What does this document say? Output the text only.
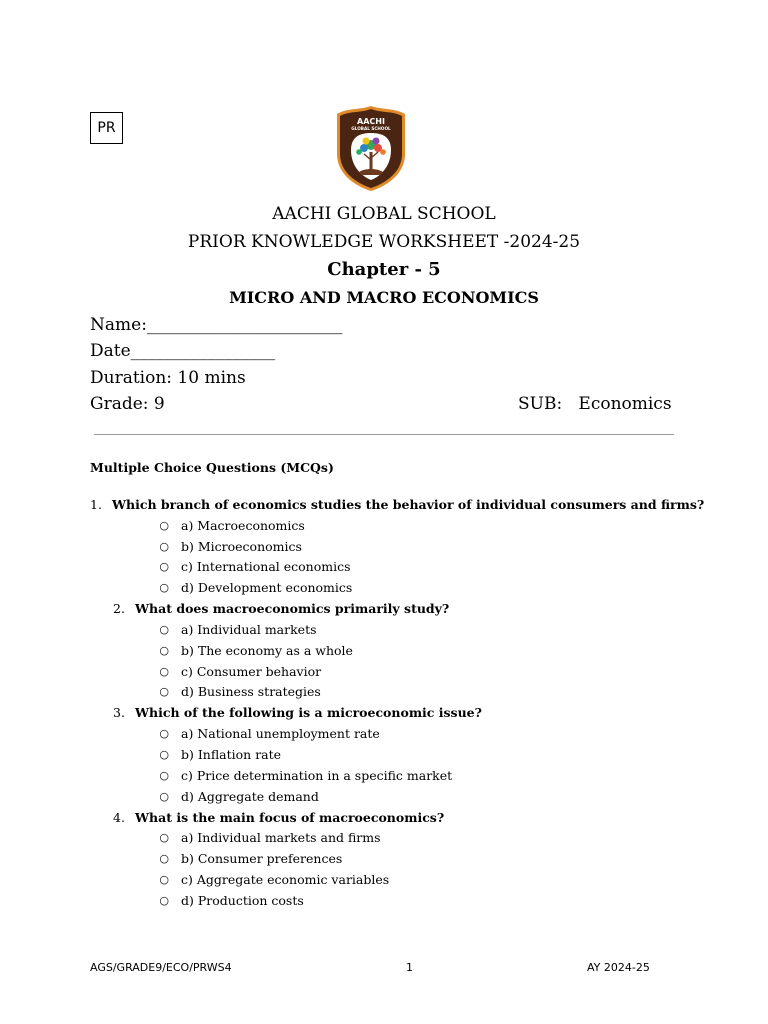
PR	AACHI
GLOBAL SCHOOL
AACHI GLOBAL SCHOOL
PRIOR KNOWLEDGE WORKSHEET -2024-25
Chapter - 5
MICRO AND MACRO ECONOMICS
Name:_______________________
Date_________________
Duration: 10 mins
Grade: 9	SUB:   Economics
Multiple Choice Questions (MCQs)
1. Which branch of economics studies the behavior of individual consumers and firms?
○ a) Macroeconomics
○ b) Microeconomics
○ c) International economics
○ d) Development economics
2. What does macroeconomics primarily study?
○ a) Individual markets
○ b) The economy as a whole
○ c) Consumer behavior
○ d) Business strategies
3. Which of the following is a microeconomic issue?
○ a) National unemployment rate
○ b) Inflation rate
○ c) Price determination in a specific market
○ d) Aggregate demand
4. What is the main focus of macroeconomics?
○ a) Individual markets and firms
○ b) Consumer preferences
○ c) Aggregate economic variables
○ d) Production costs
AGS/GRADE9/ECO/PRWS4	1	AY 2024-25
